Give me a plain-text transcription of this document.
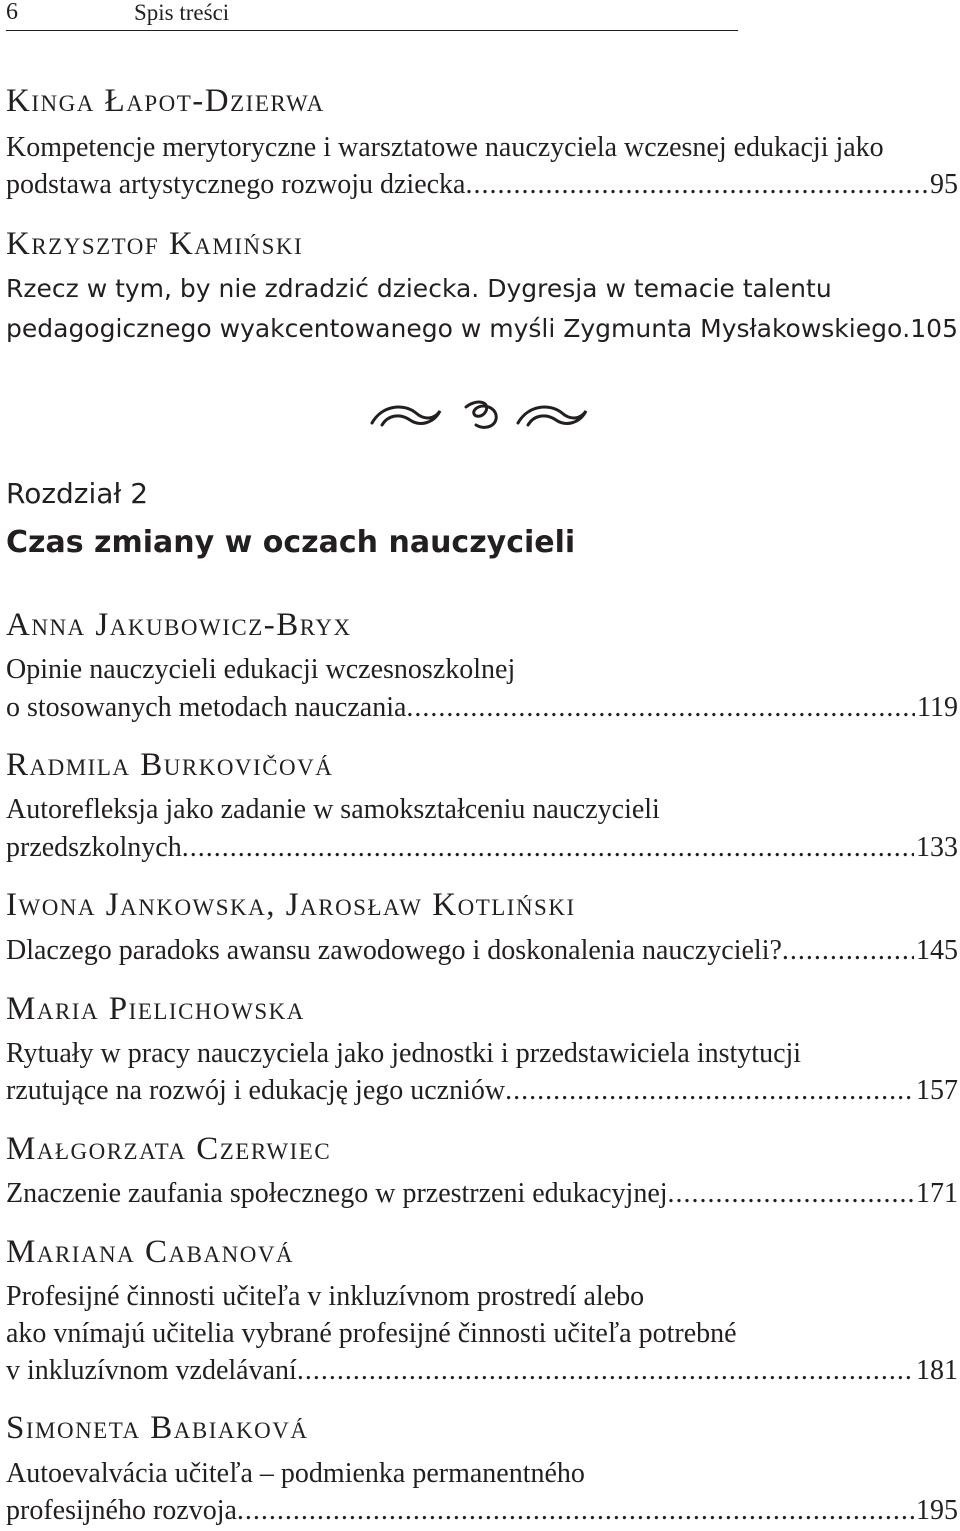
6	Spis treści
Kinga Łapot-Dzierwa
Kompetencje merytoryczne i warsztatowe nauczyciela wczesnej edukacji jako
podstawa artystycznego rozwoju dziecka .....	95
Krzysztof Kamiński
Rzecz w tym, by nie zdradzić dziecka. Dygresja w temacie talentu
pedagogicznego wyakcentowanego w myśli Zygmunta Mysłakowskiego ..... 105
Rozdział 2
Czas zmiany w oczach nauczycieli
Anna Jakubowicz-Bryx
Opinie nauczycieli edukacji wczesnoszkolnej
o stosowanych metodach nauczania .....	119
Radmila Burkovičová
Autorefleksja jako zadanie w samokształceniu nauczycieli
przedszkolnych .....	133
Iwona Jankowska, Jarosław Kotliński
Dlaczego paradoks awansu zawodowego i doskonalenia nauczycieli? .....	145
Maria Pielichowska
Rytuały w pracy nauczyciela jako jednostki i przedstawiciela instytucji
rzutujące na rozwój i edukację jego uczniów .....	157
Małgorzata Czerwiec
Znaczenie zaufania społecznego w przestrzeni edukacyjnej .....	171
Mariana Cabanová
Profesijné činnosti učiteľa v inkluzívnom prostredí alebo
ako vnímajú učitelia vybrané profesijné činnosti učiteľa potrebné
v inkluzívnom vzdelávaní .....	181
Simoneta Babiaková
Autoevalvácia učiteľa – podmienka permanentného
profesijného rozvoja .....	195
